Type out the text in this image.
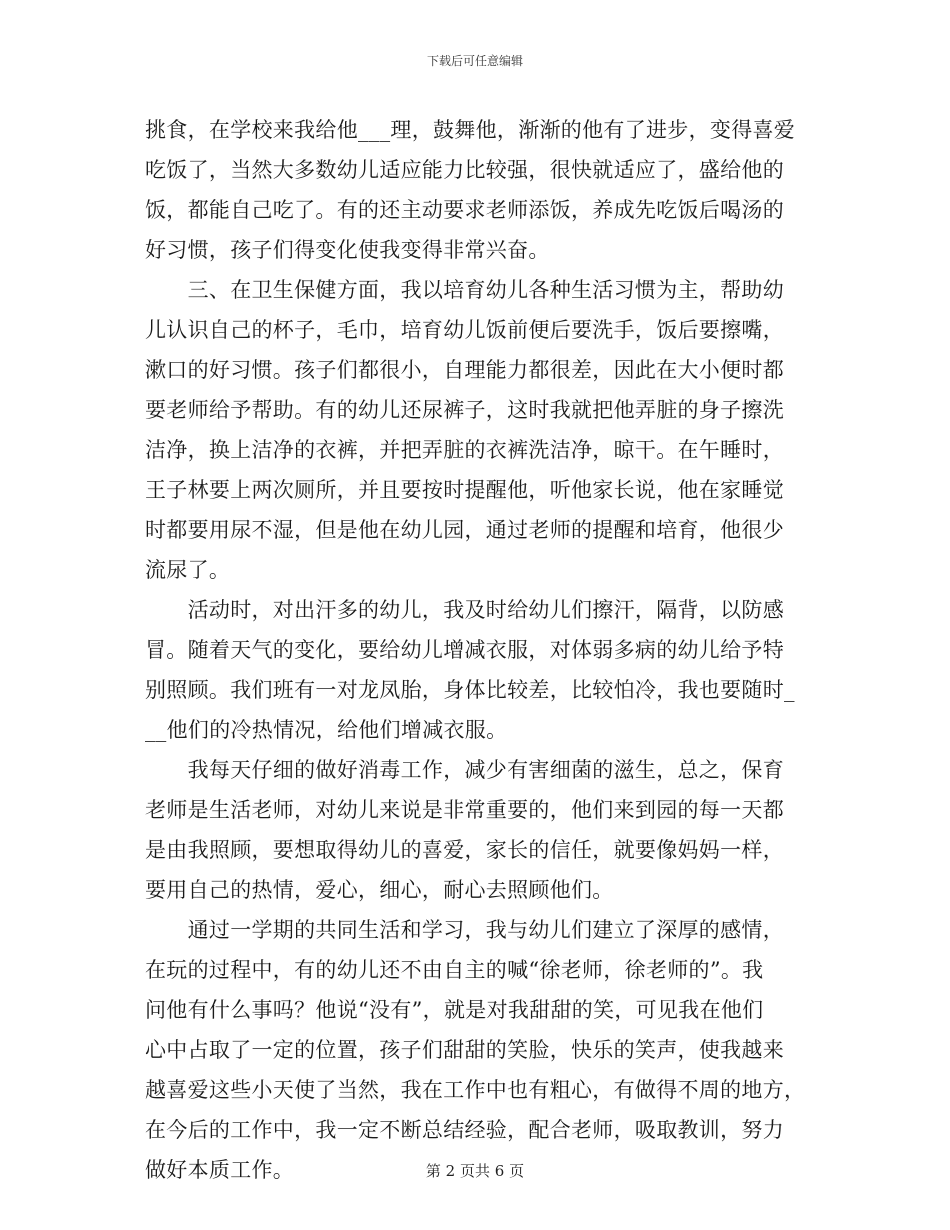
下载后可任意编辑
挑食，在学校来我给他___理，鼓舞他，渐渐的他有了进步，变得喜爱
吃饭了，当然大多数幼儿适应能力比较强，很快就适应了，盛给他的
饭，都能自己吃了。有的还主动要求老师添饭，养成先吃饭后喝汤的
好习惯，孩子们得变化使我变得非常兴奋。
　　三、在卫生保健方面，我以培育幼儿各种生活习惯为主，帮助幼
儿认识自己的杯子，毛巾，培育幼儿饭前便后要洗手，饭后要擦嘴，
漱口的好习惯。孩子们都很小，自理能力都很差，因此在大小便时都
要老师给予帮助。有的幼儿还尿裤子，这时我就把他弄脏的身子擦洗
洁净，换上洁净的衣裤，并把弄脏的衣裤洗洁净，晾干。在午睡时，
王子林要上两次厕所，并且要按时提醒他，听他家长说，他在家睡觉
时都要用尿不湿，但是他在幼儿园，通过老师的提醒和培育，他很少
流尿了。
　　活动时，对出汗多的幼儿，我及时给幼儿们擦汗，隔背，以防感
冒。随着天气的变化，要给幼儿增减衣服，对体弱多病的幼儿给予特
别照顾。我们班有一对龙凤胎，身体比较差，比较怕冷，我也要随时_
__他们的冷热情况，给他们增减衣服。
　　我每天仔细的做好消毒工作，减少有害细菌的滋生，总之，保育
老师是生活老师，对幼儿来说是非常重要的，他们来到园的每一天都
是由我照顾，要想取得幼儿的喜爱，家长的信任，就要像妈妈一样，
要用自己的热情，爱心，细心，耐心去照顾他们。
　　通过一学期的共同生活和学习，我与幼儿们建立了深厚的感情，
在玩的过程中，有的幼儿还不由自主的喊“徐老师，徐老师的”。我
问他有什么事吗？他说“没有”，就是对我甜甜的笑，可见我在他们
心中占取了一定的位置，孩子们甜甜的笑脸，快乐的笑声，使我越来
越喜爱这些小天使了当然，我在工作中也有粗心，有做得不周的地方，
在今后的工作中，我一定不断总结经验，配合老师，吸取教训，努力
做好本质工作。	第 2 页共 6 页
